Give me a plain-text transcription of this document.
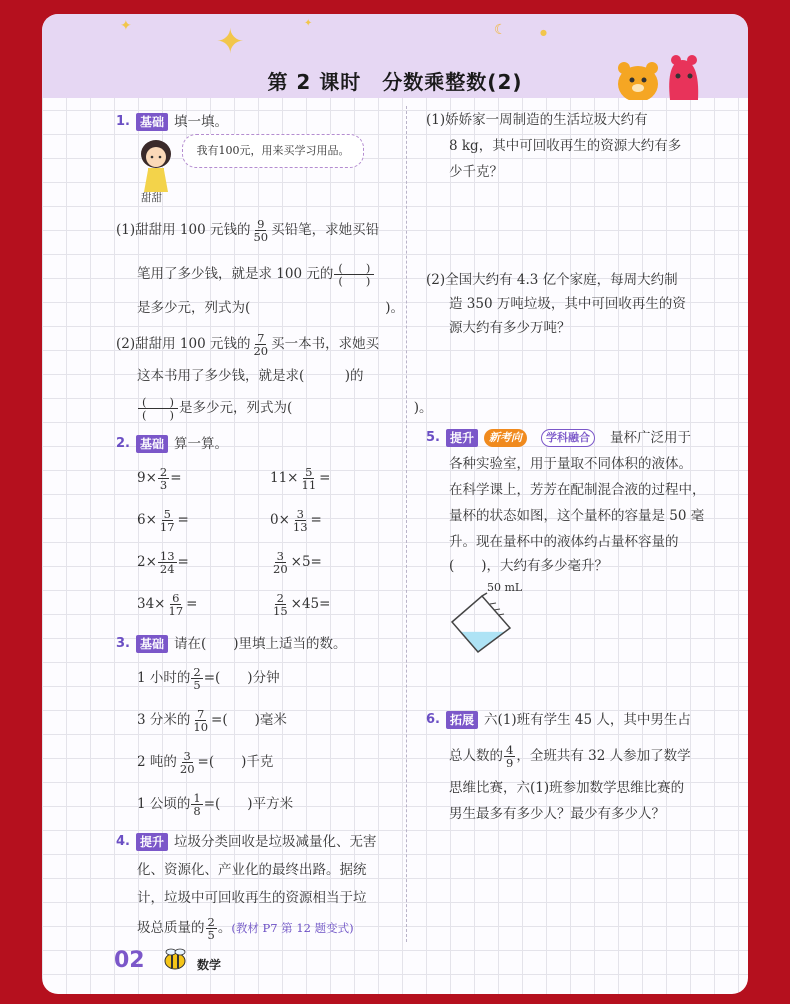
✦ ✦	✦	☾	●
第 2 课时　分数乘整数(2)
1. 基础 填一填。
甜甜
我有100元，用来买学习用品。
(1)甜甜用 100 元钱的 $\frac{9}{50}$ 买铅笔，求她买铅
笔用了多少钱，就是求 100 元的 $\frac{( )}{( )}$
是多少元，列式为(　　　　　　　　　　)。
(2)甜甜用 100 元钱的 $\frac{7}{20}$ 买一本书，求她买
这本书用了多少钱，就是求(　　　)的
$\frac{( )}{( )}$ 是多少元，列式为(　　　　　　　　　)。
2. 基础 算一算。
$9\times \frac{2}{3}$ =	$11\times \frac{5}{11}$ =
$6\times \frac{5}{17}$ =	$0\times \frac{3}{13}$ =
$2\times \frac{13}{24}$ =	$\frac{3}{20} \times 5=$
$34\times \frac{6}{17}$ =	$\frac{2}{15} \times 45=$
3. 基础 请在(　　)里填上适当的数。
1 小时的 $\frac{2}{5}$ =(　　)分钟
3 分米的 $\frac{7}{10}$ =(　　)毫米
2 吨的 $\frac{3}{20}$ =(　　)千克
1 公顷的 $\frac{1}{8}$ =(　　)平方米
4. 提升 垃圾分类回收是垃圾减量化、无害
化、资源化、产业化的最终出路。据统
计，垃圾中可回收再生的资源相当于垃
圾总质量的 $\frac{2}{5}$ 。(教材 P7 第 12 题变式)
(1)娇娇家一周制造的生活垃圾大约有
8 kg，其中可回收再生的资源大约有多
少千克？
(2)全国大约有 4.3 亿个家庭，每周大约制
造 350 万吨垃圾，其中可回收再生的资
源大约有多少万吨？
5. 提升	新考向	学科融合	量杯广泛用于
各种实验室，用于量取不同体积的液体。
在科学课上，芳芳在配制混合液的过程中，
量杯的状态如图，这个量杯的容量是 50 毫
升。现在量杯中的液体约占量杯容量的
(　　)，大约有多少毫升？
50 mL
6. 拓展 六(1)班有学生 45 人，其中男生占
总人数的 $\frac{4}{9}$ ，全班共有 32 人参加了数学
思维比赛，六(1)班参加数学思维比赛的
男生最多有多少人？最少有多少人？
02	数学
